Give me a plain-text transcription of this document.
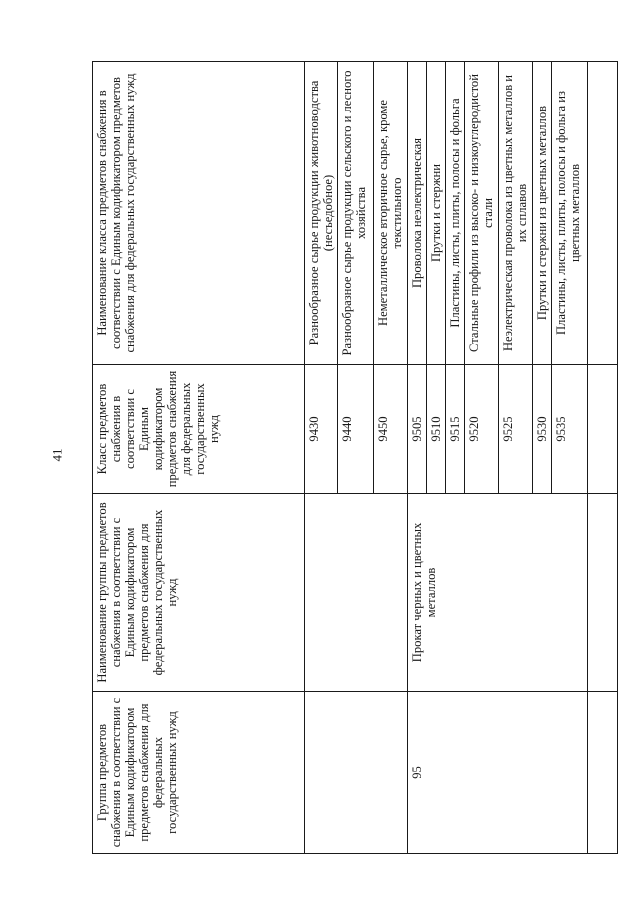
41
Группа предметов снабжения в соответствии с Единым кодификатором предметов снабжения для федеральных государственных нужд	Наименование группы предметов снабжения в соответствии с Единым кодификатором предметов снабжения для федеральных государственных нужд	Класс предметов снабжения в соответствии с Единым кодификатором предметов снабжения для федеральных государственных нужд	Наименование класса предметов снабжения в соответствии с Единым кодификатором предметов снабжения для федеральных государственных нужд
		9430	Разнообразное сырье продукции животноводства (несъедобное)
		9440	Разнообразное сырье продукции сельского и лесного хозяйства
		9450	Неметаллическое вторичное сырье, кроме текстильного
95	Прокат черных и цветных металлов	9505	Проволока неэлектрическая
		9510	Прутки и стержни
		9515	Пластины, листы, плиты, полосы и фольга
		9520	Стальные профили из высоко- и низкоуглеродистой стали
		9525	Неэлектрическая проволока из цветных металлов и их сплавов
		9530	Прутки и стержни из цветных металлов
		9535	Пластины, листы, плиты, полосы и фольга из цветных металлов
